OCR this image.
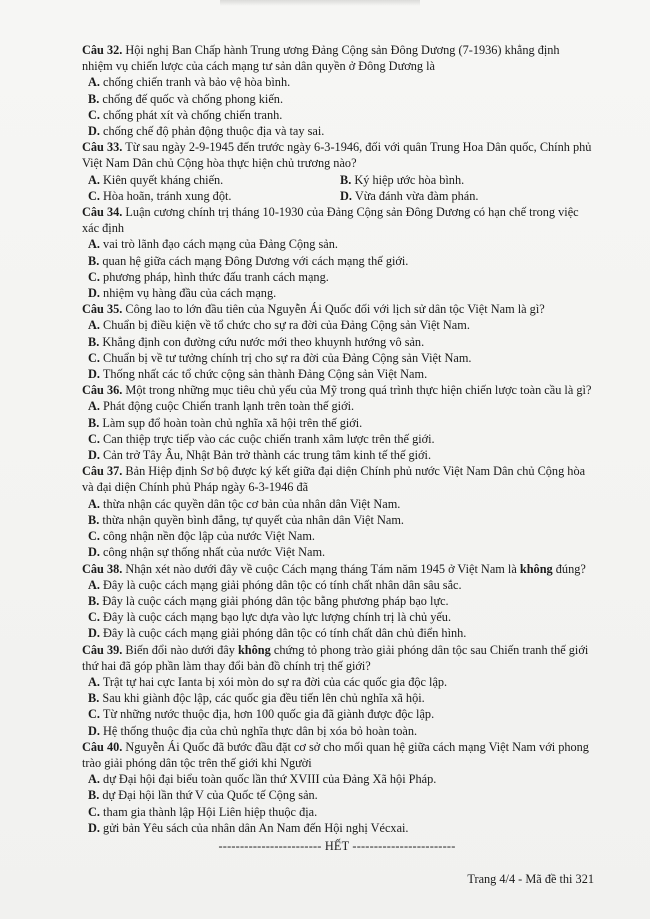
Câu 32. Hội nghị Ban Chấp hành Trung ương Đảng Cộng sản Đông Dương (7-1936) khẳng định nhiệm vụ chiến lược của cách mạng tư sản dân quyền ở Đông Dương là

A. chống chiến tranh và bảo vệ hòa bình.

B. chống đế quốc và chống phong kiến.

C. chống phát xít và chống chiến tranh.

D. chống chế độ phản động thuộc địa và tay sai.

Câu 33. Từ sau ngày 2-9-1945 đến trước ngày 6-3-1946, đối với quân Trung Hoa Dân quốc, Chính phủ Việt Nam Dân chủ Cộng hòa thực hiện chủ trương nào?

A. Kiên quyết kháng chiến.	B. Ký hiệp ước hòa bình.

C. Hòa hoãn, tránh xung đột.	D. Vừa đánh vừa đàm phán.

Câu 34. Luận cương chính trị tháng 10-1930 của Đảng Cộng sản Đông Dương có hạn chế trong việc xác định

A. vai trò lãnh đạo cách mạng của Đảng Cộng sản.

B. quan hệ giữa cách mạng Đông Dương với cách mạng thế giới.

C. phương pháp, hình thức đấu tranh cách mạng.

D. nhiệm vụ hàng đầu của cách mạng.

Câu 35. Công lao to lớn đầu tiên của Nguyễn Ái Quốc đối với lịch sử dân tộc Việt Nam là gì?

A. Chuẩn bị điều kiện về tổ chức cho sự ra đời của Đảng Cộng sản Việt Nam.

B. Khẳng định con đường cứu nước mới theo khuynh hướng vô sản.

C. Chuẩn bị về tư tưởng chính trị cho sự ra đời của Đảng Cộng sản Việt Nam.

D. Thống nhất các tổ chức cộng sản thành Đảng Cộng sản Việt Nam.

Câu 36. Một trong những mục tiêu chủ yếu của Mỹ trong quá trình thực hiện chiến lược toàn cầu là gì?

A. Phát động cuộc Chiến tranh lạnh trên toàn thế giới.

B. Làm sụp đổ hoàn toàn chủ nghĩa xã hội trên thế giới.

C. Can thiệp trực tiếp vào các cuộc chiến tranh xâm lược trên thế giới.

D. Cản trở Tây Âu, Nhật Bản trở thành các trung tâm kinh tế thế giới.

Câu 37. Bản Hiệp định Sơ bộ được ký kết giữa đại diện Chính phủ nước Việt Nam Dân chủ Cộng hòa và đại diện Chính phủ Pháp ngày 6-3-1946 đã

A. thừa nhận các quyền dân tộc cơ bản của nhân dân Việt Nam.

B. thừa nhận quyền bình đẳng, tự quyết của nhân dân Việt Nam.

C. công nhận nền độc lập của nước Việt Nam.

D. công nhận sự thống nhất của nước Việt Nam.

Câu 38. Nhận xét nào dưới đây về cuộc Cách mạng tháng Tám năm 1945 ở Việt Nam là không đúng?

A. Đây là cuộc cách mạng giải phóng dân tộc có tính chất nhân dân sâu sắc.

B. Đây là cuộc cách mạng giải phóng dân tộc bằng phương pháp bạo lực.

C. Đây là cuộc cách mạng bạo lực dựa vào lực lượng chính trị là chủ yếu.

D. Đây là cuộc cách mạng giải phóng dân tộc có tính chất dân chủ điển hình.

Câu 39. Biến đổi nào dưới đây không chứng tỏ phong trào giải phóng dân tộc sau Chiến tranh thế giới thứ hai đã góp phần làm thay đổi bản đồ chính trị thế giới?

A. Trật tự hai cực Ianta bị xói mòn do sự ra đời của các quốc gia độc lập.

B. Sau khi giành độc lập, các quốc gia đều tiến lên chủ nghĩa xã hội.

C. Từ những nước thuộc địa, hơn 100 quốc gia đã giành được độc lập.

D. Hệ thống thuộc địa của chủ nghĩa thực dân bị xóa bỏ hoàn toàn.

Câu 40. Nguyễn Ái Quốc đã bước đầu đặt cơ sở cho mối quan hệ giữa cách mạng Việt Nam với phong trào giải phóng dân tộc trên thế giới khi Người

A. dự Đại hội đại biểu toàn quốc lần thứ XVIII của Đảng Xã hội Pháp.

B. dự Đại hội lần thứ V của Quốc tế Cộng sản.

C. tham gia thành lập Hội Liên hiệp thuộc địa.

D. gửi bản Yêu sách của nhân dân An Nam đến Hội nghị Vécxai.

------------------------ HẾT ------------------------

Trang 4/4 - Mã đề thi 321
